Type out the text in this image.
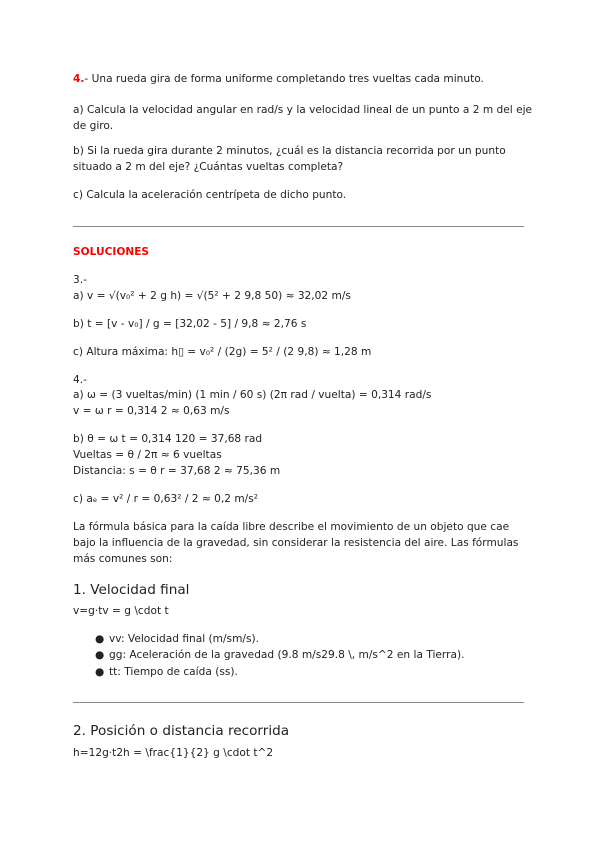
4.- Una rueda gira de forma uniforme completando tres vueltas cada minuto.
a) Calcula la velocidad angular en rad/s y la velocidad lineal de un punto a 2 m del eje
de giro.
b) Si la rueda gira durante 2 minutos, ¿cuál es la distancia recorrida por un punto
situado a 2 m del eje? ¿Cuántas vueltas completa?
c) Calcula la aceleración centrípeta de dicho punto.
SOLUCIONES
3.-
a) v = √(v₀² + 2 g h) = √(5² + 2 9,8 50) ≈ 32,02 m/s
b) t = [v - v₀] / g = [32,02 - 5] / 9,8 ≈ 2,76 s
c) Altura máxima: h▯ = v₀² / (2g) = 5² / (2 9,8) ≈ 1,28 m
4.-
a) ω = (3 vueltas/min) (1 min / 60 s) (2π rad / vuelta) = 0,314 rad/s
v = ω r = 0,314 2 ≈ 0,63 m/s
b) θ = ω t = 0,314 120 = 37,68 rad
Vueltas = θ / 2π ≈ 6 vueltas
Distancia: s = θ r = 37,68 2 ≈ 75,36 m
c) aₑ = v² / r = 0,63² / 2 ≈ 0,2 m/s²
La fórmula básica para la caída libre describe el movimiento de un objeto que cae
bajo la influencia de la gravedad, sin considerar la resistencia del aire. Las fórmulas
más comunes son:
1. Velocidad final
v=g⋅tv = g \cdot t
● vv: Velocidad final (m/sm/s).
● gg: Aceleración de la gravedad (9.8 m/s29.8 \, m/s^2 en la Tierra).
● tt: Tiempo de caída (ss).
2. Posición o distancia recorrida
h=12g⋅t2h = \frac{1}{2} g \cdot t^2
